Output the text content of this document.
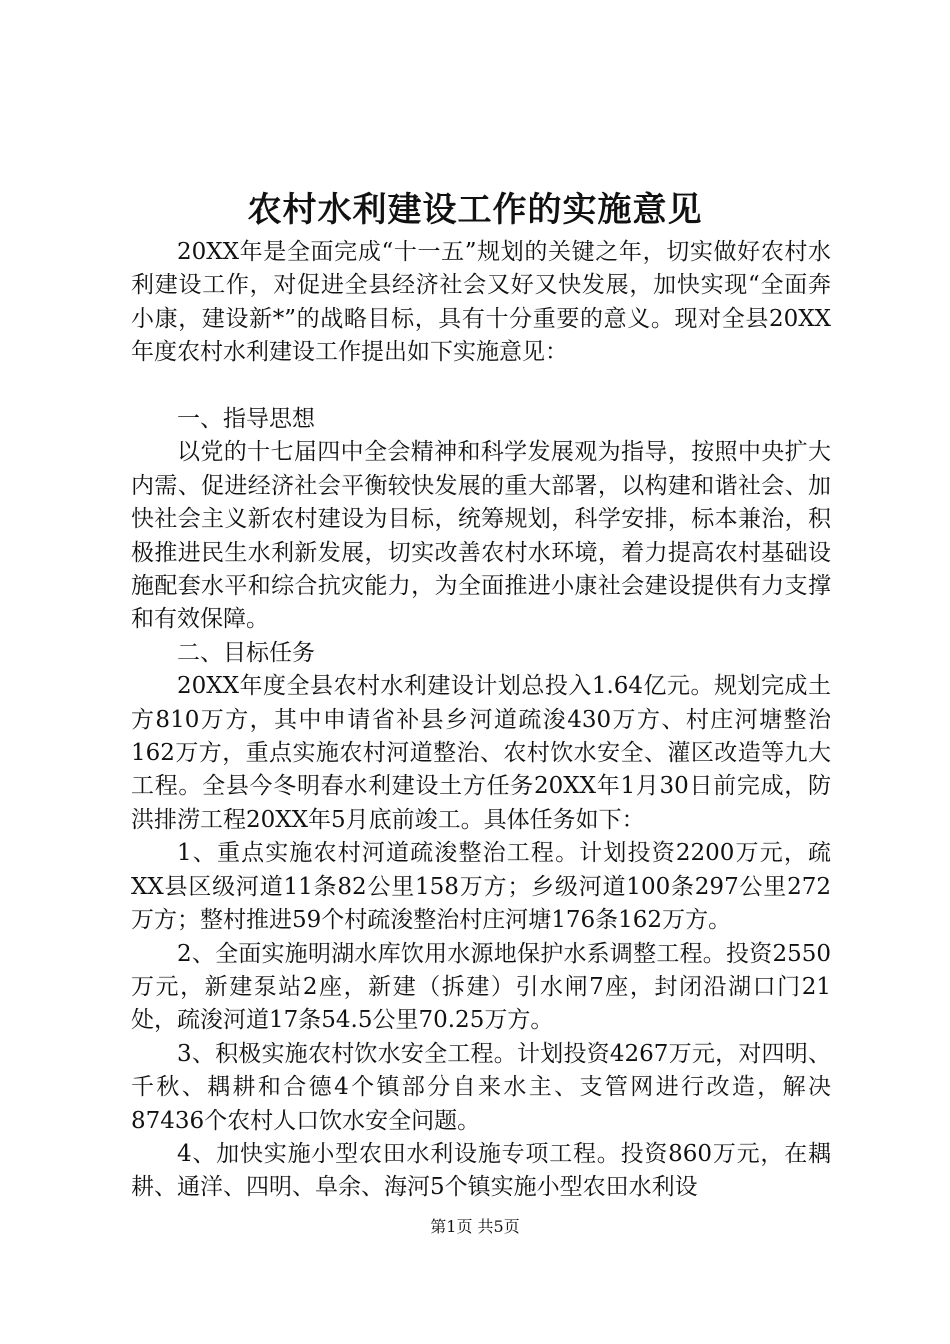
农村水利建设工作的实施意见

20XX年是全面完成“十一五”规划的关键之年，切实做好农村水利建设工作，对促进全县经济社会又好又快发展，加快实现“全面奔小康，建设新*”的战略目标，具有十分重要的意义。现对全县20XX年度农村水利建设工作提出如下实施意见：

一、指导思想

以党的十七届四中全会精神和科学发展观为指导，按照中央扩大内需、促进经济社会平衡较快发展的重大部署，以构建和谐社会、加快社会主义新农村建设为目标，统筹规划，科学安排，标本兼治，积极推进民生水利新发展，切实改善农村水环境，着力提高农村基础设施配套水平和综合抗灾能力，为全面推进小康社会建设提供有力支撑和有效保障。

二、目标任务

20XX年度全县农村水利建设计划总投入1.64亿元。规划完成土方810万方，其中申请省补县乡河道疏浚430万方、村庄河塘整治162万方，重点实施农村河道整治、农村饮水安全、灌区改造等九大工程。全县今冬明春水利建设土方任务20XX年1月30日前完成，防洪排涝工程20XX年5月底前竣工。具体任务如下：

1、重点实施农村河道疏浚整治工程。计划投资2200万元，疏XX县区级河道11条82公里158万方；乡级河道100条297公里272万方；整村推进59个村疏浚整治村庄河塘176条162万方。

2、全面实施明湖水库饮用水源地保护水系调整工程。投资2550万元，新建泵站2座，新建（拆建）引水闸7座，封闭沿湖口门21处，疏浚河道17条54.5公里70.25万方。

3、积极实施农村饮水安全工程。计划投资4267万元，对四明、千秋、耦耕和合德4个镇部分自来水主、支管网进行改造，解决87436个农村人口饮水安全问题。

4、加快实施小型农田水利设施专项工程。投资860万元，在耦耕、通洋、四明、阜余、海河5个镇实施小型农田水利设

第1页 共5页
